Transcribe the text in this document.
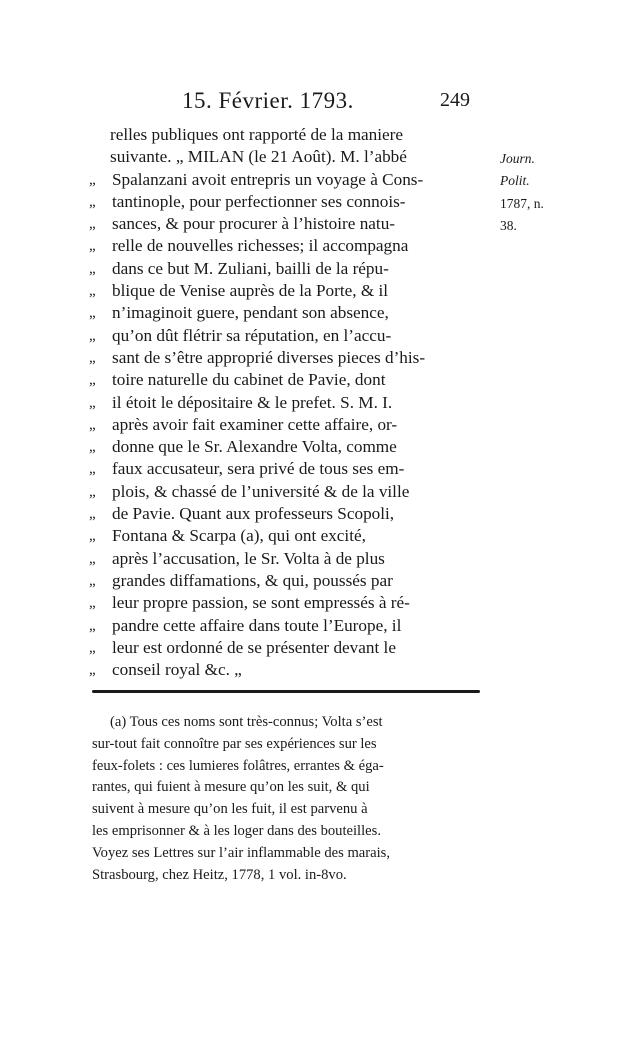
15. Février. 1793.	249
relles publiques ont rapporté de la maniere
suivante. „ MILAN (le 21 Août). M. l’abbé
„ Spalanzani avoit entrepris un voyage à Cons-
„ tantinople, pour perfectionner ses connois-
„ sances, & pour procurer à l’histoire natu-
„ relle de nouvelles richesses; il accompagna
„ dans ce but M. Zuliani, bailli de la répu-
„ blique de Venise auprès de la Porte, & il
„ n’imaginoit guere, pendant son absence,
„ qu’on dût flétrir sa réputation, en l’accu-
„ sant de s’être approprié diverses pieces d’his-
„ toire naturelle du cabinet de Pavie, dont
„ il étoit le dépositaire & le prefet. S. M. I.
„ après avoir fait examiner cette affaire, or-
„ donne que le Sr. Alexandre Volta, comme
„ faux accusateur, sera privé de tous ses em-
„ plois, & chassé de l’université & de la ville
„ de Pavie. Quant aux professeurs Scopoli,
„ Fontana & Scarpa (a), qui ont excité,
„ après l’accusation, le Sr. Volta à de plus
„ grandes diffamations, & qui, poussés par
„ leur propre passion, se sont empressés à ré-
„ pandre cette affaire dans toute l’Europe, il
„ leur est ordonné de se présenter devant le
„ conseil royal &c. „
Journ.
Polit.
1787, n.
38.
(a) Tous ces noms sont très-connus; Volta s’est
sur-tout fait connoître par ses expériences sur les
feux-folets : ces lumieres folâtres, errantes & éga-
rantes, qui fuient à mesure qu’on les suit, & qui
suivent à mesure qu’on les fuit, il est parvenu à
les emprisonner & à les loger dans des bouteilles.
Voyez ses Lettres sur l’air inflammable des marais,
Strasbourg, chez Heitz, 1778, 1 vol. in-8vo.
